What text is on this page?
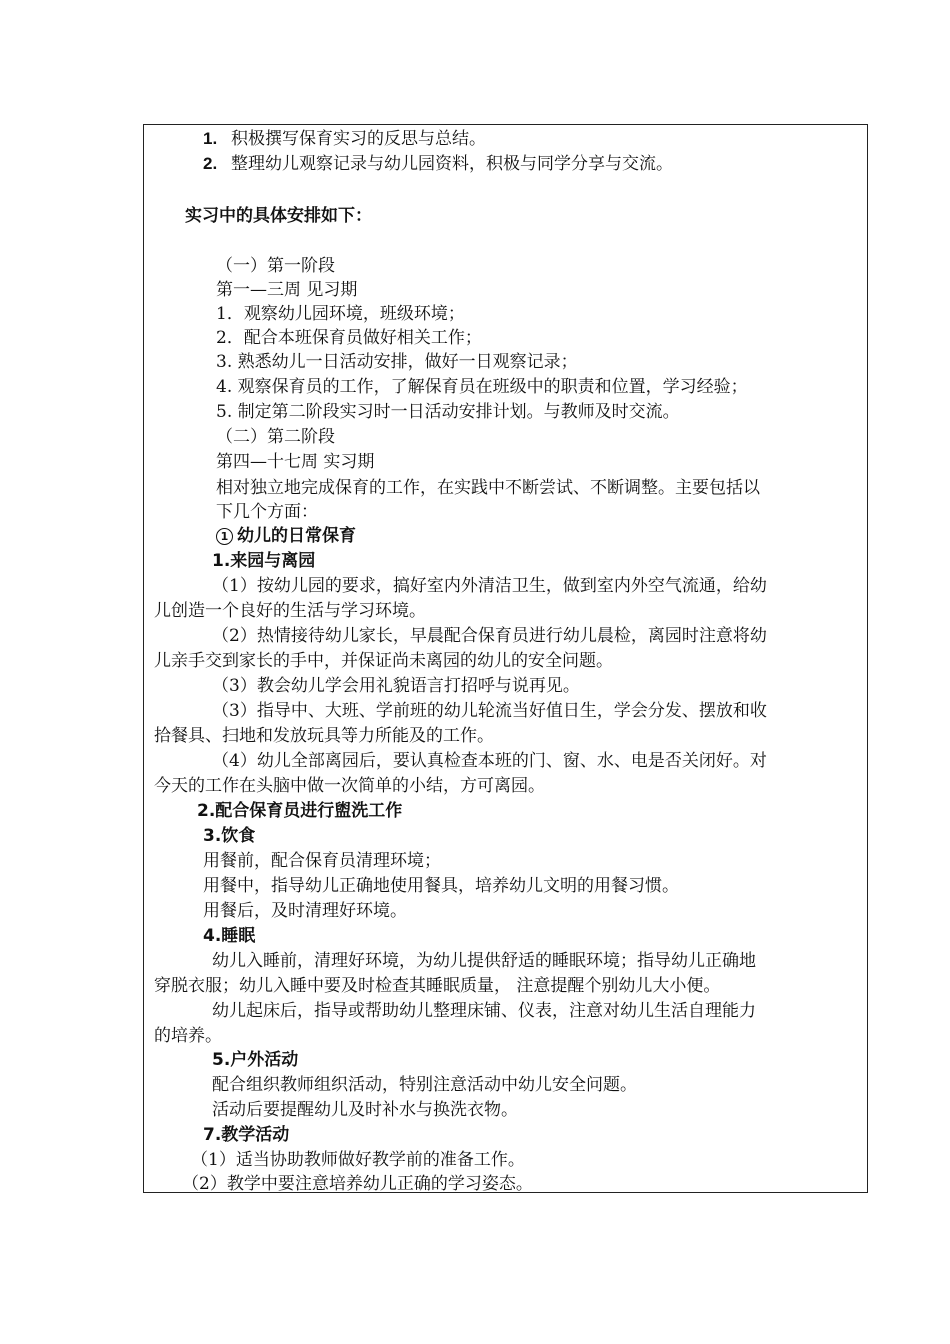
1. 积极撰写保育实习的反思与总结。
2. 整理幼儿观察记录与幼儿园资料，积极与同学分享与交流。
实习中的具体安排如下：
（一）第一阶段
第一—三周 见习期
1．观察幼儿园环境，班级环境；
2．配合本班保育员做好相关工作；
3. 熟悉幼儿一日活动安排，做好一日观察记录；
4. 观察保育员的工作，了解保育员在班级中的职责和位置，学习经验；
5. 制定第二阶段实习时一日活动安排计划。与教师及时交流。
（二）第二阶段
第四—十七周 实习期
相对独立地完成保育的工作，在实践中不断尝试、不断调整。主要包括以
下几个方面：
1 幼儿的日常保育
1.来园与离园
（1）按幼儿园的要求，搞好室内外清洁卫生，做到室内外空气流通，给幼
儿创造一个良好的生活与学习环境。
（2）热情接待幼儿家长，早晨配合保育员进行幼儿晨检，离园时注意将幼
儿亲手交到家长的手中，并保证尚未离园的幼儿的安全问题。
（3）教会幼儿学会用礼貌语言打招呼与说再见。
（3）指导中、大班、学前班的幼儿轮流当好值日生，学会分发、摆放和收
拾餐具、扫地和发放玩具等力所能及的工作。
（4）幼儿全部离园后，要认真检查本班的门、窗、水、电是否关闭好。对
今天的工作在头脑中做一次简单的小结，方可离园。
2.配合保育员进行盥洗工作
3.饮食
用餐前，配合保育员清理环境；
用餐中，指导幼儿正确地使用餐具，培养幼儿文明的用餐习惯。
用餐后，及时清理好环境。
4.睡眠
幼儿入睡前，清理好环境，为幼儿提供舒适的睡眠环境；指导幼儿正确地
穿脱衣服；幼儿入睡中要及时检查其睡眠质量， 注意提醒个别幼儿大小便。
幼儿起床后，指导或帮助幼儿整理床铺、仪表，注意对幼儿生活自理能力
的培养。
5.户外活动
配合组织教师组织活动，特别注意活动中幼儿安全问题。
活动后要提醒幼儿及时补水与换洗衣物。
7.教学活动
（1）适当协助教师做好教学前的准备工作。
（2）教学中要注意培养幼儿正确的学习姿态。
